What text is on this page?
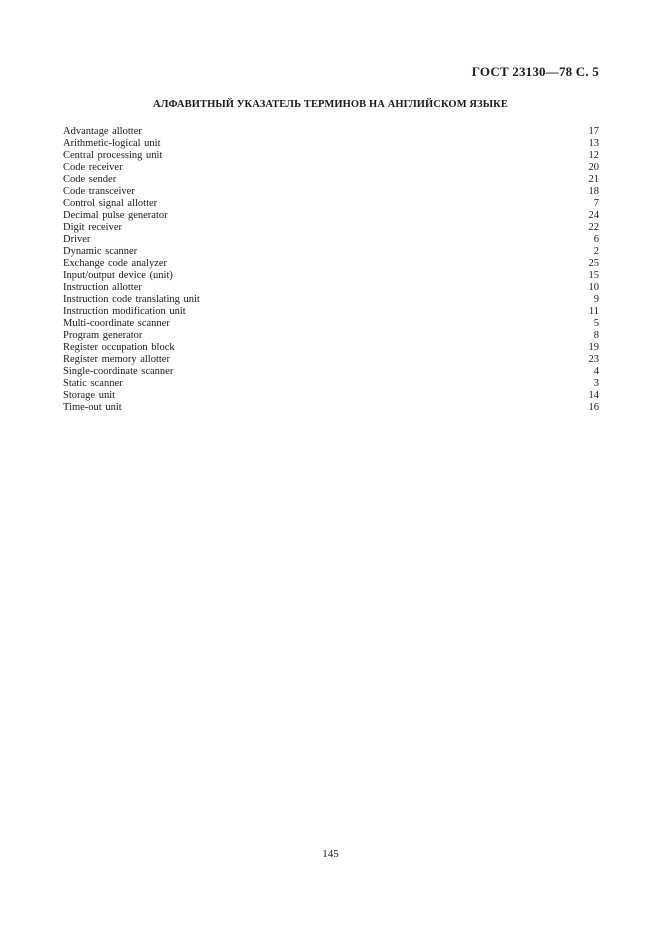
ГОСТ 23130—78 С. 5
АЛФАВИТНЫЙ УКАЗАТЕЛЬ ТЕРМИНОВ НА АНГЛИЙСКОМ ЯЗЫКЕ
Advantage allotter	17
Arithmetic-logical unit	13
Central processing unit	12
Code receiver	20
Code sender	21
Code transceiver	18
Control signal allotter	7
Decimal pulse generator	24
Digit receiver	22
Driver	6
Dynamic scanner	2
Exchange code analyzer	25
Input/output device (unit)	15
Instruction allotter	10
Instruction code translating unit	9
Instruction modification unit	11
Multi-coordinate scanner	5
Program generator	8
Register occupation block	19
Register memory allotter	23
Single-coordinate scanner	4
Static scanner	3
Storage unit	14
Time-out unit	16
145
